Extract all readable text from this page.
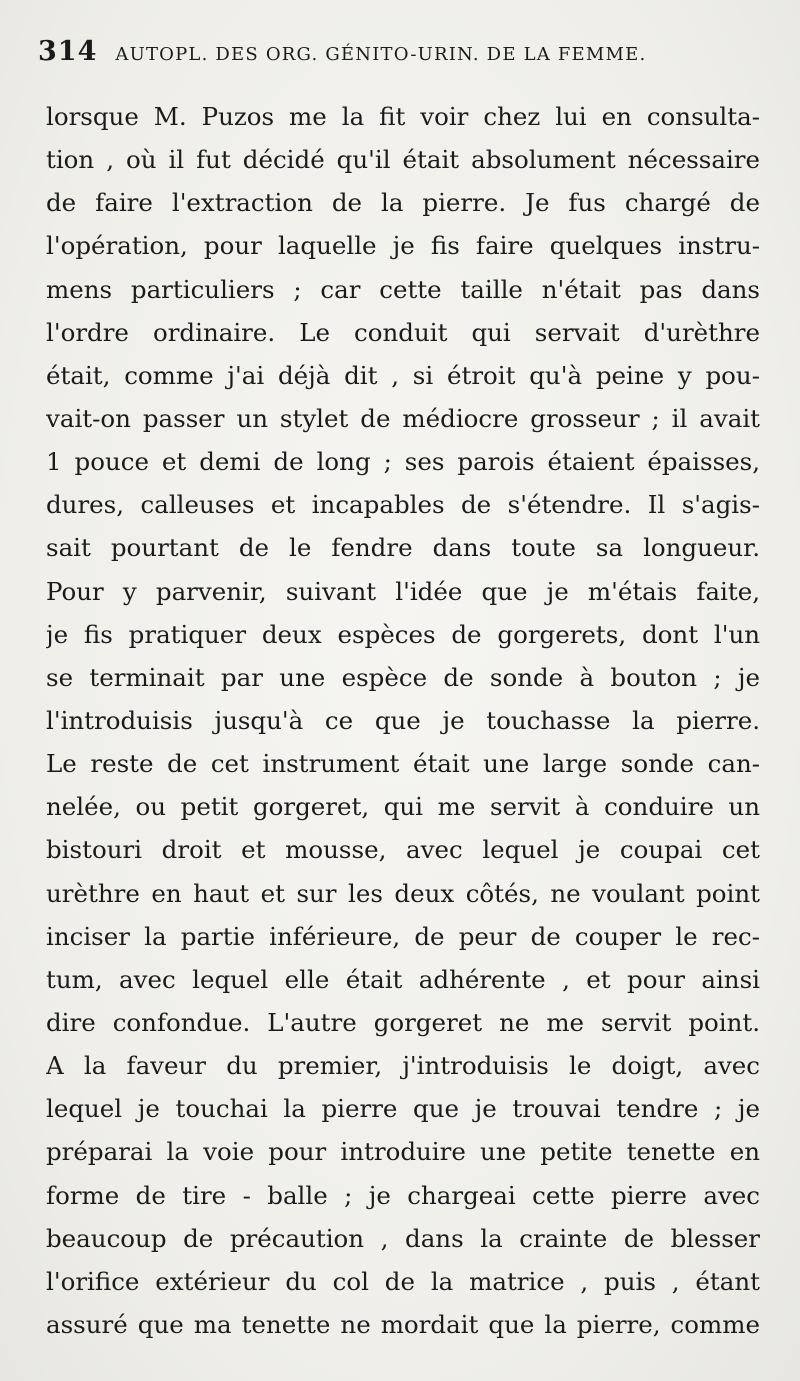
314 AUTOPL. DES ORG. GÉNITO-URIN. DE LA FEMME.
lorsque M. Puzos me la fit voir chez lui en consulta-
tion , où il fut décidé qu'il était absolument nécessaire
de faire l'extraction de la pierre. Je fus chargé de
l'opération, pour laquelle je fis faire quelques instru-
mens particuliers ; car cette taille n'était pas dans
l'ordre ordinaire. Le conduit qui servait d'urèthre
était, comme j'ai déjà dit , si étroit qu'à peine y pou-
vait-on passer un stylet de médiocre grosseur ; il avait
1 pouce et demi de long ; ses parois étaient épaisses,
dures, calleuses et incapables de s'étendre. Il s'agis-
sait pourtant de le fendre dans toute sa longueur.
Pour y parvenir, suivant l'idée que je m'étais faite,
je fis pratiquer deux espèces de gorgerets, dont l'un
se terminait par une espèce de sonde à bouton ; je
l'introduisis jusqu'à ce que je touchasse la pierre.
Le reste de cet instrument était une large sonde can-
nelée, ou petit gorgeret, qui me servit à conduire un
bistouri droit et mousse, avec lequel je coupai cet
urèthre en haut et sur les deux côtés, ne voulant point
inciser la partie inférieure, de peur de couper le rec-
tum, avec lequel elle était adhérente , et pour ainsi
dire confondue. L'autre gorgeret ne me servit point.
A la faveur du premier, j'introduisis le doigt, avec
lequel je touchai la pierre que je trouvai tendre ; je
préparai la voie pour introduire une petite tenette en
forme de tire - balle ; je chargeai cette pierre avec
beaucoup de précaution , dans la crainte de blesser
l'orifice extérieur du col de la matrice , puis , étant
assuré que ma tenette ne mordait que la pierre, comme
